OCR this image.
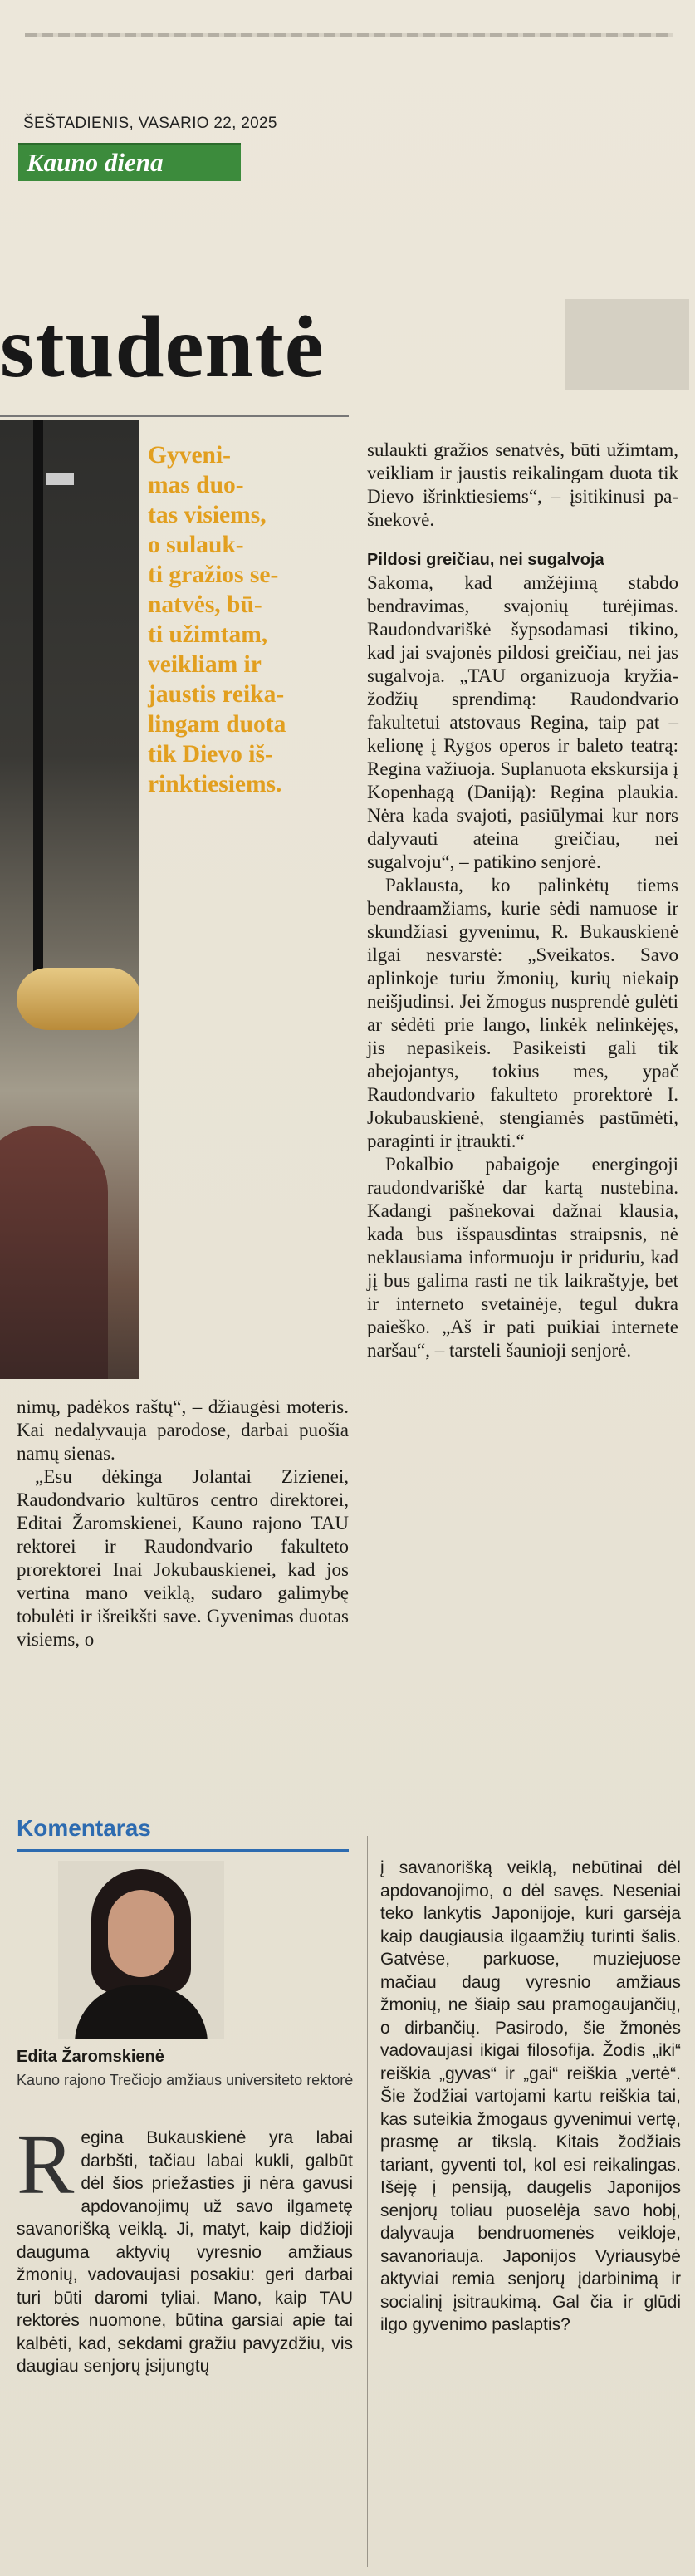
ŠEŠTADIENIS, VASARIO 22, 2025
Kauno diena
studentė

Gyveni-

mas duo-

tas visiems,

o sulauk-

ti gražios se-

natvės, bū-

ti užimtam,

veikliam ir

jaustis reika-

lingam duota

tik Dievo iš-

rinktiesiems.

sulaukti gražios senatvės, būti užimtam, veikliam ir jaustis reikalingam duota tik Dievo išrinktiesiems“, – įsitikinusi pašnekovė.

Pildosi greičiau, nei sugalvoja

Sakoma, kad amžėjimą stabdo bendravimas, svajonių turėjimas. Raudondvariškė šypsodamasi tikino, kad jai svajonės pildosi greičiau, nei jas sugalvoja. „TAU organizuoja kryžiažodžių sprendimą: Raudondvario fakultetui atstovaus Regina, taip pat – kelionę į Rygos operos ir baleto teatrą: Regina važiuoja. Suplanuota ekskursija į Kopenhagą (Daniją): Regina plaukia. Nėra kada svajoti, pasiūlymai kur nors dalyvauti ateina greičiau, nei sugalvoju“, – patikino senjorė.

Paklausta, ko palinkėtų tiems bendraamžiams, kurie sėdi namuose ir skundžiasi gyvenimu, R. Bukauskienė ilgai nesvarstė: „Sveikatos. Savo aplinkoje turiu žmonių, kurių niekaip neišjudinsi. Jei žmogus nusprendė gulėti ar sėdėti prie lango, linkėk nelinkėjęs, jis nepasikeis. Pasikeisti gali tik abejojantys, tokius mes, ypač Raudondvario fakulteto prorektorė I. Jokubauskienė, stengiamės pastūmėti, paraginti ir įtraukti.“

Pokalbio pabaigoje energingoji raudondvariškė dar kartą nustebina. Kadangi pašnekovai dažnai klausia, kada bus išspausdintas straipsnis, nė neklausiama informuoju ir priduriu, kad jį bus galima rasti ne tik laikraštyje, bet ir interneto svetainėje, tegul dukra paieško. „Aš ir pati puikiai internete naršau“, – tarsteli šaunioji senjorė.

nimų, padėkos raštų“, – džiaugėsi moteris. Kai nedalyvauja parodose, darbai puošia namų sienas.

„Esu dėkinga Jolantai Zizienei, Raudondvario kultūros centro direktorei, Editai Žaromskienei, Kauno rajono TAU rektorei ir Raudondvario fakulteto prorektorei Inai Jokubauskienei, kad jos vertina mano veiklą, sudaro galimybę tobulėti ir išreikšti save. Gyvenimas duotas visiems, o

Komentaras
Edita Žaromskienė
Kauno rajono Trečiojo amžiaus universiteto rektorė

Regina Bukauskienė yra labai darbšti, tačiau labai kukli, galbūt dėl šios priežasties ji nėra gavusi apdovanojimų už savo ilgametę savanorišką veiklą. Ji, matyt, kaip didžioji dauguma aktyvių vyresnio amžiaus žmonių, vadovaujasi posakiu: geri darbai turi būti daromi tyliai. Mano, kaip TAU rektorės nuomone, būtina garsiai apie tai kalbėti, kad, sekdami gražiu pavyzdžiu, vis daugiau senjorų įsijungtų

į savanorišką veiklą, nebūtinai dėl apdovanojimo, o dėl savęs. Neseniai teko lankytis Japonijoje, kuri garsėja kaip daugiausia ilgaamžių turinti šalis. Gatvėse, parkuose, muziejuose mačiau daug vyresnio amžiaus žmonių, ne šiaip sau pramogaujančių, o dirbančių. Pasirodo, šie žmonės vadovaujasi ikigai filosofija. Žodis „iki“ reiškia „gyvas“ ir „gai“ reiškia „vertė“. Šie žodžiai vartojami kartu reiškia tai, kas suteikia žmogaus gyvenimui vertę, prasmę ar tikslą. Kitais žodžiais tariant, gyventi tol, kol esi reikalingas. Išėję į pensiją, daugelis Japonijos senjorų toliau puoselėja savo hobį, dalyvauja bendruomenės veikloje, savanoriauja. Japonijos Vyriausybė aktyviai remia senjorų įdarbinimą ir socialinį įsitraukimą. Gal čia ir glūdi ilgo gyvenimo paslaptis?
